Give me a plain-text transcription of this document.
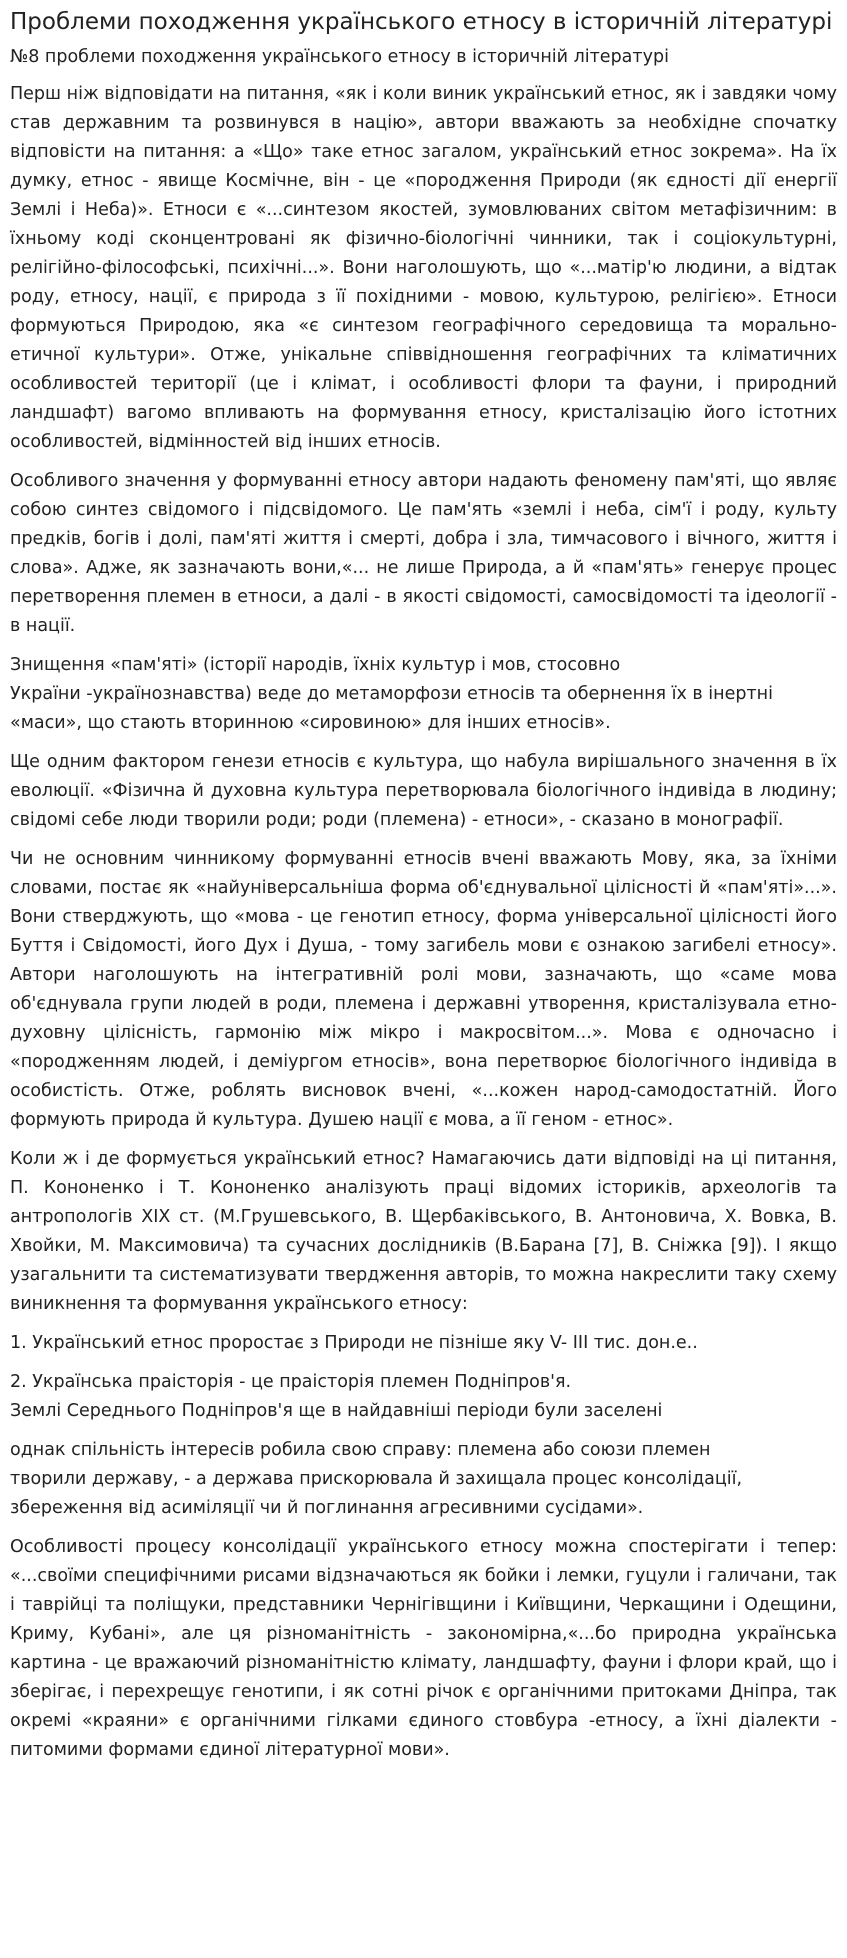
Проблеми походження українського етносу в історичній літературі
№8 проблеми походження українського етносу в історичній літературі

Перш ніж відповідати на питання, «як і коли виник український етнос, як і завдяки чому став державним та розвинувся в націю», автори вважають за необхідне спочатку відповісти на питання: а «Що» таке етнос загалом, український етнос зокрема». На їх думку, етнос - явище Космічне, він - це «породження Природи (як єдності дії енергії Землі і Неба)». Етноси є «...синтезом якостей, зумовлюваних світом метафізичним: в їхньому коді сконцентровані як фізично-біологічні чинники, так і соціокультурні, релігійно-філософські, психічні...». Вони наголошують, що «...матір'ю людини, а відтак роду, етносу, нації, є природа з її похідними - мовою, культурою, релігією». Етноси формуються Природою, яка «є синтезом географічного середовища та морально-етичної культури». Отже, унікальне співвідношення географічних та кліматичних особливостей території (це і клімат, і особливості флори та фауни, і природний ландшафт) вагомо впливають на формування етносу, кристалізацію його істотних особливостей, відмінностей від інших етносів.

Особливого значення у формуванні етносу автори надають феномену пам'яті, що являє собою синтез свідомого і підсвідомого. Це пам'ять «землі і неба, сім'ї і роду, культу предків, богів і долі, пам'яті життя і смерті, добра і зла, тимчасового і вічного, життя і слова». Адже, як зазначають вони,«... не лише Природа, а й «пам'ять» генерує процес перетворення племен в етноси, а далі - в якості свідомості, самосвідомості та ідеології - в нації.

Знищення «пам'яті» (історії народів, їхніх культур і мов, стосовно
України -українознавства) веде до метаморфози етносів та обернення їх в інертні «маси», що стають вторинною «сировиною» для інших етносів».

Ще одним фактором генези етносів є культура, що набула вирішального значення в їх еволюції. «Фізична й духовна культура перетворювала біологічного індивіда в людину; свідомі себе люди творили роди; роди (племена) - етноси», - сказано в монографії.

Чи не основним чинникому формуванні етносів вчені вважають Мову, яка, за їхніми словами, постає як «найуніверсальніша форма об'єднувальної цілісності й «пам'яті»...». Вони стверджують, що «мова - це генотип етносу, форма універсальної цілісності його Буття і Свідомості, його Дух і Душа, - тому загибель мови є ознакою загибелі етносу». Автори наголошують на інтегративній ролі мови, зазначають, що «саме мова об'єднувала групи людей в роди, племена і державні утворення, кристалізувала етно-духовну цілісність, гармонію між мікро і макросвітом...». Мова є одночасно і «породженням людей, і деміургом етносів», вона перетворює біологічного індивіда в особистість. Отже, роблять висновок вчені, «...кожен народ-самодостатній. Його формують природа й культура. Душею нації є мова, а її геном - етнос».

Коли ж і де формується український етнос? Намагаючись дати відповіді на ці питання, П. Кононенко і Т. Кононенко аналізують праці відомих істориків, археологів та антропологів XIX ст. (М.Грушевського, В. Щербаківського, В. Антоновича, Х. Вовка, В. Хвойки, М. Максимовича) та сучасних дослідників (В.Барана [7], В. Сніжка [9]). І якщо узагальнити та систематизувати твердження авторів, то можна накреслити таку схему виникнення та формування українського етносу:

1. Український етнос проростає з Природи не пізніше яку V- ІІІ тис. дон.е..

2. Українська праісторія - це праісторія племен Подніпров'я.
Землі Середнього Подніпров'я ще в найдавніші періоди були заселені

однак спільність інтересів робила свою справу: племена або союзи племен
творили державу, - а держава прискорювала й захищала процес консолідації,
збереження від асиміляції чи й поглинання агресивними сусідами».

Особливості процесу консолідації українського етносу можна спостерігати і тепер: «...своїми специфічними рисами відзначаються як бойки і лемки, гуцули і галичани, так і таврійці та поліщуки, представники Чернігівщини і Київщини, Черкащини і Одещини, Криму, Кубані», але ця різноманітність - закономірна,«...бо природна українська картина - це вражаючий різноманітністю клімату, ландшафту, фауни і флори край, що і зберігає, і перехрещує генотипи, і як сотні річок є органічними притоками Дніпра, так окремі «краяни» є органічними гілками єдиного стовбура -етносу, а їхні діалекти - питомими формами єдиної літературної мови».
